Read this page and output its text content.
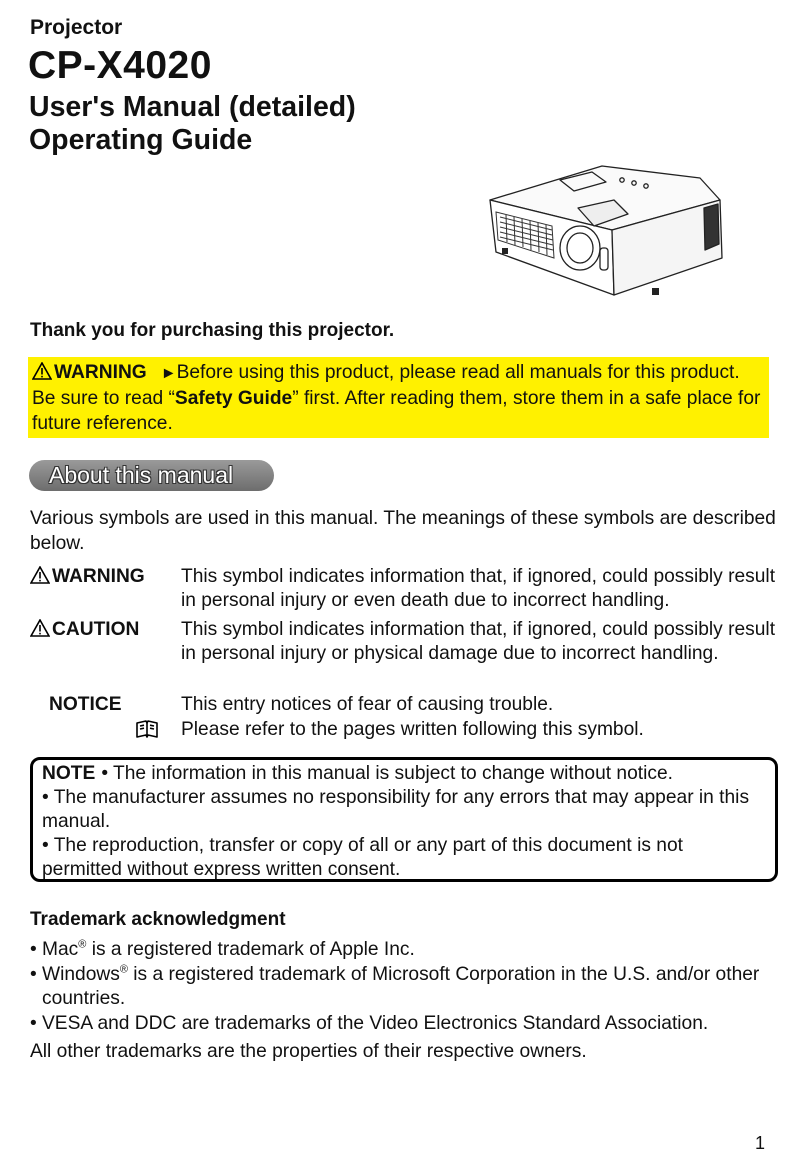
Projector
CP-X4020
User's Manual (detailed)
Operating Guide
Thank you for purchasing this projector.
WARNING ►Before using this product, please read all manuals for this product. Be sure to read “Safety Guide” first. After reading them, store them in a safe place for future reference.
About this manual

Various symbols are used in this manual. The meanings of these symbols are described below.

WARNING This symbol indicates information that, if ignored, could possibly result in personal injury or even death due to incorrect handling.
CAUTION This symbol indicates information that, if ignored, could possibly result in personal injury or physical damage due to incorrect handling.
NOTICE	This entry notices of fear of causing trouble.
Please refer to the pages written following this symbol.
NOTE • The information in this manual is subject to change without notice.
• The manufacturer assumes no responsibility for any errors that may appear in this manual.
• The reproduction, transfer or copy of all or any part of this document is not permitted without express written consent.
Trademark acknowledgment
• Mac® is a registered trademark of Apple Inc.
• Windows® is a registered trademark of Microsoft Corporation in the U.S. and/or other countries.
• VESA and DDC are trademarks of the Video Electronics Standard Association.

All other trademarks are the properties of their respective owners.

1
